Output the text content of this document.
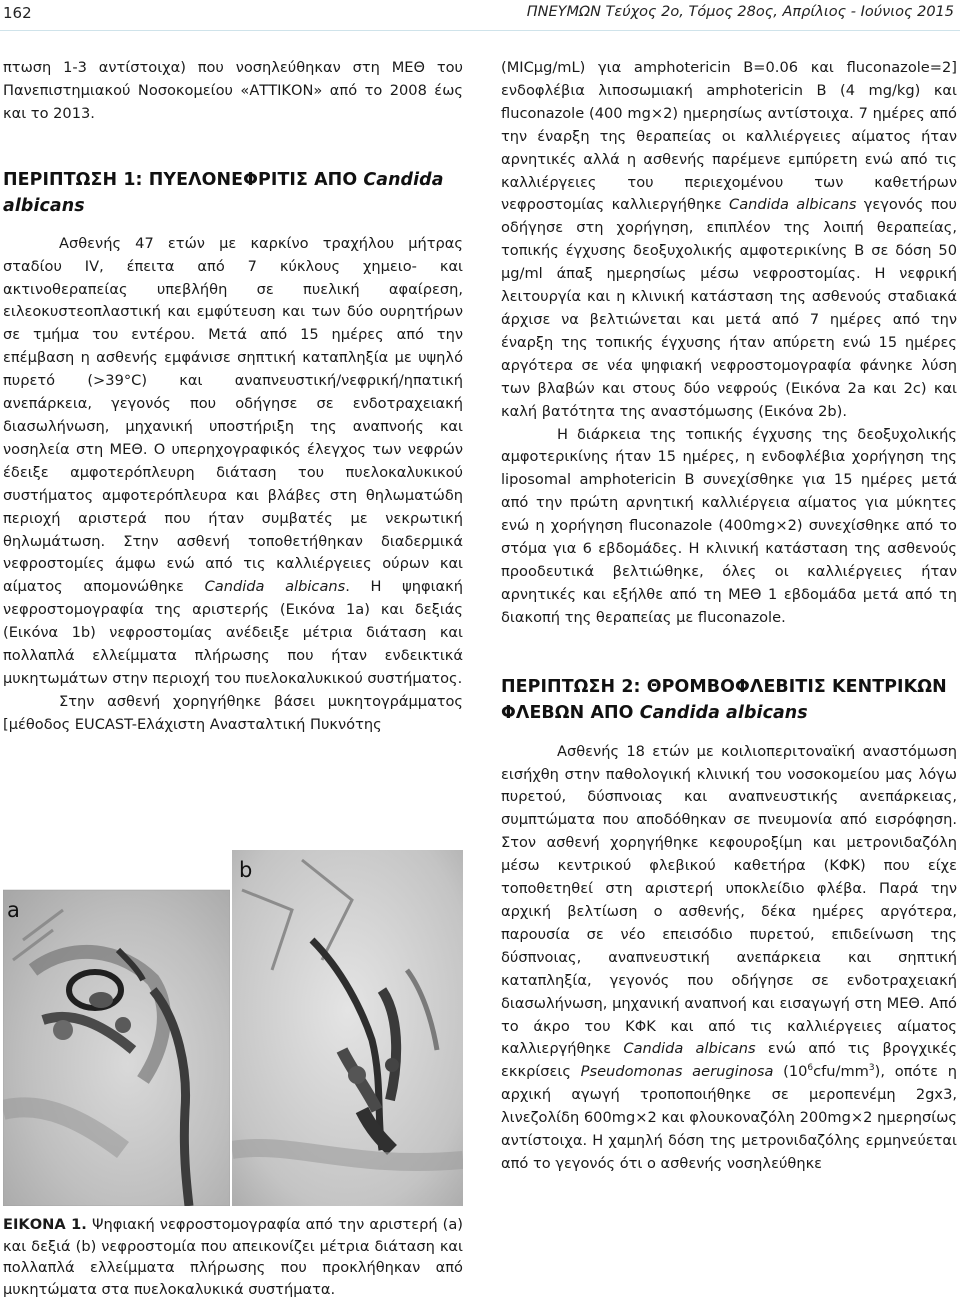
162	ΠΝΕΥΜΩΝ Τεύχος 2ο, Τόμος 28ος, Απρίλιος - Ιούνιος 2015

πτωση 1-3 αντίστοιχα) που νοσηλεύθηκαν στη ΜΕΘ του Πανεπιστημιακού Νοσοκομείου «ΑΤΤΙΚΟΝ» από το 2008 έως και το 2013.

ΠΕΡΙΠΤΩΣΗ 1: ΠΥΕΛΟΝΕΦΡΙΤΙΣ ΑΠΟ Candida albicans

Ασθενής 47 ετών με καρκίνο τραχήλου μήτρας σταδίου IV, έπειτα από 7 κύκλους χημειο- και ακτινοθεραπείας υπεβλήθη σε πυελική αφαίρεση, ειλεοκυστεοπλαστική και εμφύτευση και των δύο ουρητήρων σε τμήμα του εντέρου. Μετά από 15 ημέρες από την επέμβαση η ασθενής εμφάνισε σηπτική καταπληξία με υψηλό πυρετό (>39°C) και αναπνευστική/νεφρική/ηπατική ανεπάρκεια, γεγονός που οδήγησε σε ενδοτραχειακή διασωλήνωση, μηχανική υποστήριξη της αναπνοής και νοσηλεία στη ΜΕΘ. Ο υπερηχογραφικός έλεγχος των νεφρών έδειξε αμφοτερόπλευρη διάταση του πυελοκαλυκικού συστήματος αμφοτερόπλευρα και βλάβες στη θηλωματώδη περιοχή αριστερά που ήταν συμβατές με νεκρωτική θηλωμάτωση. Στην ασθενή τοποθετήθηκαν διαδερμικά νεφροστομίες άμφω ενώ από τις καλλιέργειες ούρων και αίματος απομονώθηκε Candida albicans. Η ψηφιακή νεφροστομογραφία της αριστερής (Εικόνα 1a) και δεξιάς (Εικόνα 1b) νεφροστομίας ανέδειξε μέτρια διάταση και πολλαπλά ελλείμματα πλήρωσης που ήταν ενδεικτικά μυκητωμάτων στην περιοχή του πυελοκαλυκικού συστήματος.

Στην ασθενή χορηγήθηκε βάσει μυκητογράμματος [μέθοδος EUCAST-Ελάχιστη Ανασταλτική Πυκνότης

a
b
ΕΙΚΟΝΑ 1. Ψηφιακή νεφροστομογραφία από την αριστερή (a) και δεξιά (b) νεφροστομία που απεικονίζει μέτρια διάταση και πολλαπλά ελλείμματα πλήρωσης που προκλήθηκαν από μυκητώματα στα πυελοκαλυκικά συστήματα.

(MICμg/mL) για amphotericin B=0.06 και fluconazole=2] ενδοφλέβια λιποσωμιακή amphotericin B (4 mg/kg) και fluconazole (400 mg×2) ημερησίως αντίστοιχα. 7 ημέρες από την έναρξη της θεραπείας οι καλλιέργειες αίματος ήταν αρνητικές αλλά η ασθενής παρέμενε εμπύρετη ενώ από τις καλλιέργειες του περιεχομένου των καθετήρων νεφροστομίας καλλιεργήθηκε Candida albicans γεγονός που οδήγησε στη χορήγηση, επιπλέον της λοιπή θεραπείας, τοπικής έγχυσης δεοξυχολικής αμφοτερικίνης Β σε δόση 50 μg/ml άπαξ ημερησίως μέσω νεφροστομίας. Η νεφρική λειτουργία και η κλινική κατάσταση της ασθενούς σταδιακά άρχισε να βελτιώνεται και μετά από 7 ημέρες από την έναρξη της τοπικής έγχυσης ήταν απύρετη ενώ 15 ημέρες αργότερα σε νέα ψηφιακή νεφροστομογραφία φάνηκε λύση των βλαβών και στους δύο νεφρούς (Εικόνα 2a και 2c) και καλή βατότητα της αναστόμωσης (Εικόνα 2b).

Η διάρκεια της τοπικής έγχυσης της δεοξυχολικής αμφοτερικίνης ήταν 15 ημέρες, η ενδοφλέβια χορήγηση της liposomal amphotericin B συνεχίσθηκε για 15 ημέρες μετά από την πρώτη αρνητική καλλιέργεια αίματος για μύκητες ενώ η χορήγηση fluconazole (400mg×2) συνεχίσθηκε από το στόμα για 6 εβδομάδες. Η κλινική κατάσταση της ασθενούς προοδευτικά βελτιώθηκε, όλες οι καλλιέργειες ήταν αρνητικές και εξήλθε από τη ΜΕΘ 1 εβδομάδα μετά από τη διακοπή της θεραπείας με fluconazole.

ΠΕΡΙΠΤΩΣΗ 2: ΘΡΟΜΒΟΦΛΕΒΙΤΙΣ ΚΕΝΤΡΙΚΩΝ ΦΛΕΒΩΝ ΑΠΟ Candida albicans

Ασθενής 18 ετών με κοιλιοπεριτοναϊκή αναστόμωση εισήχθη στην παθολογική κλινική του νοσοκομείου μας λόγω πυρετού, δύσπνοιας και αναπνευστικής ανεπάρκειας, συμπτώματα που αποδόθηκαν σε πνευμονία από εισρόφηση. Στον ασθενή χορηγήθηκε κεφουροξίμη και μετρονιδαζόλη μέσω κεντρικού φλεβικού καθετήρα (ΚΦΚ) που είχε τοποθετηθεί στη αριστερή υποκλείδιο φλέβα. Παρά την αρχική βελτίωση ο ασθενής, δέκα ημέρες αργότερα, παρουσία σε νέο επεισόδιο πυρετού, επιδείνωση της δύσπνοιας, αναπνευστική ανεπάρκεια και σηπτική καταπληξία, γεγονός που οδήγησε σε ενδοτραχειακή διασωλήνωση, μηχανική αναπνοή και εισαγωγή στη ΜΕΘ. Από το άκρο του ΚΦΚ και από τις καλλιέργειες αίματος καλλιεργήθηκε Candida albicans ενώ από τις βρογχικές εκκρίσεις Pseudomonas aeruginosa $(10^6cfu/mm^3)$, οπότε η αρχική αγωγή τροποποιήθηκε σε μεροπενέμη 2gx3, λινεζολίδη 600mg×2 και φλουκοναζόλη 200mg×2 ημερησίως αντίστοιχα. Η χαμηλή δόση της μετρονιδαζόλης ερμηνεύεται από το γεγονός ότι ο ασθενής νοσηλεύθηκε
